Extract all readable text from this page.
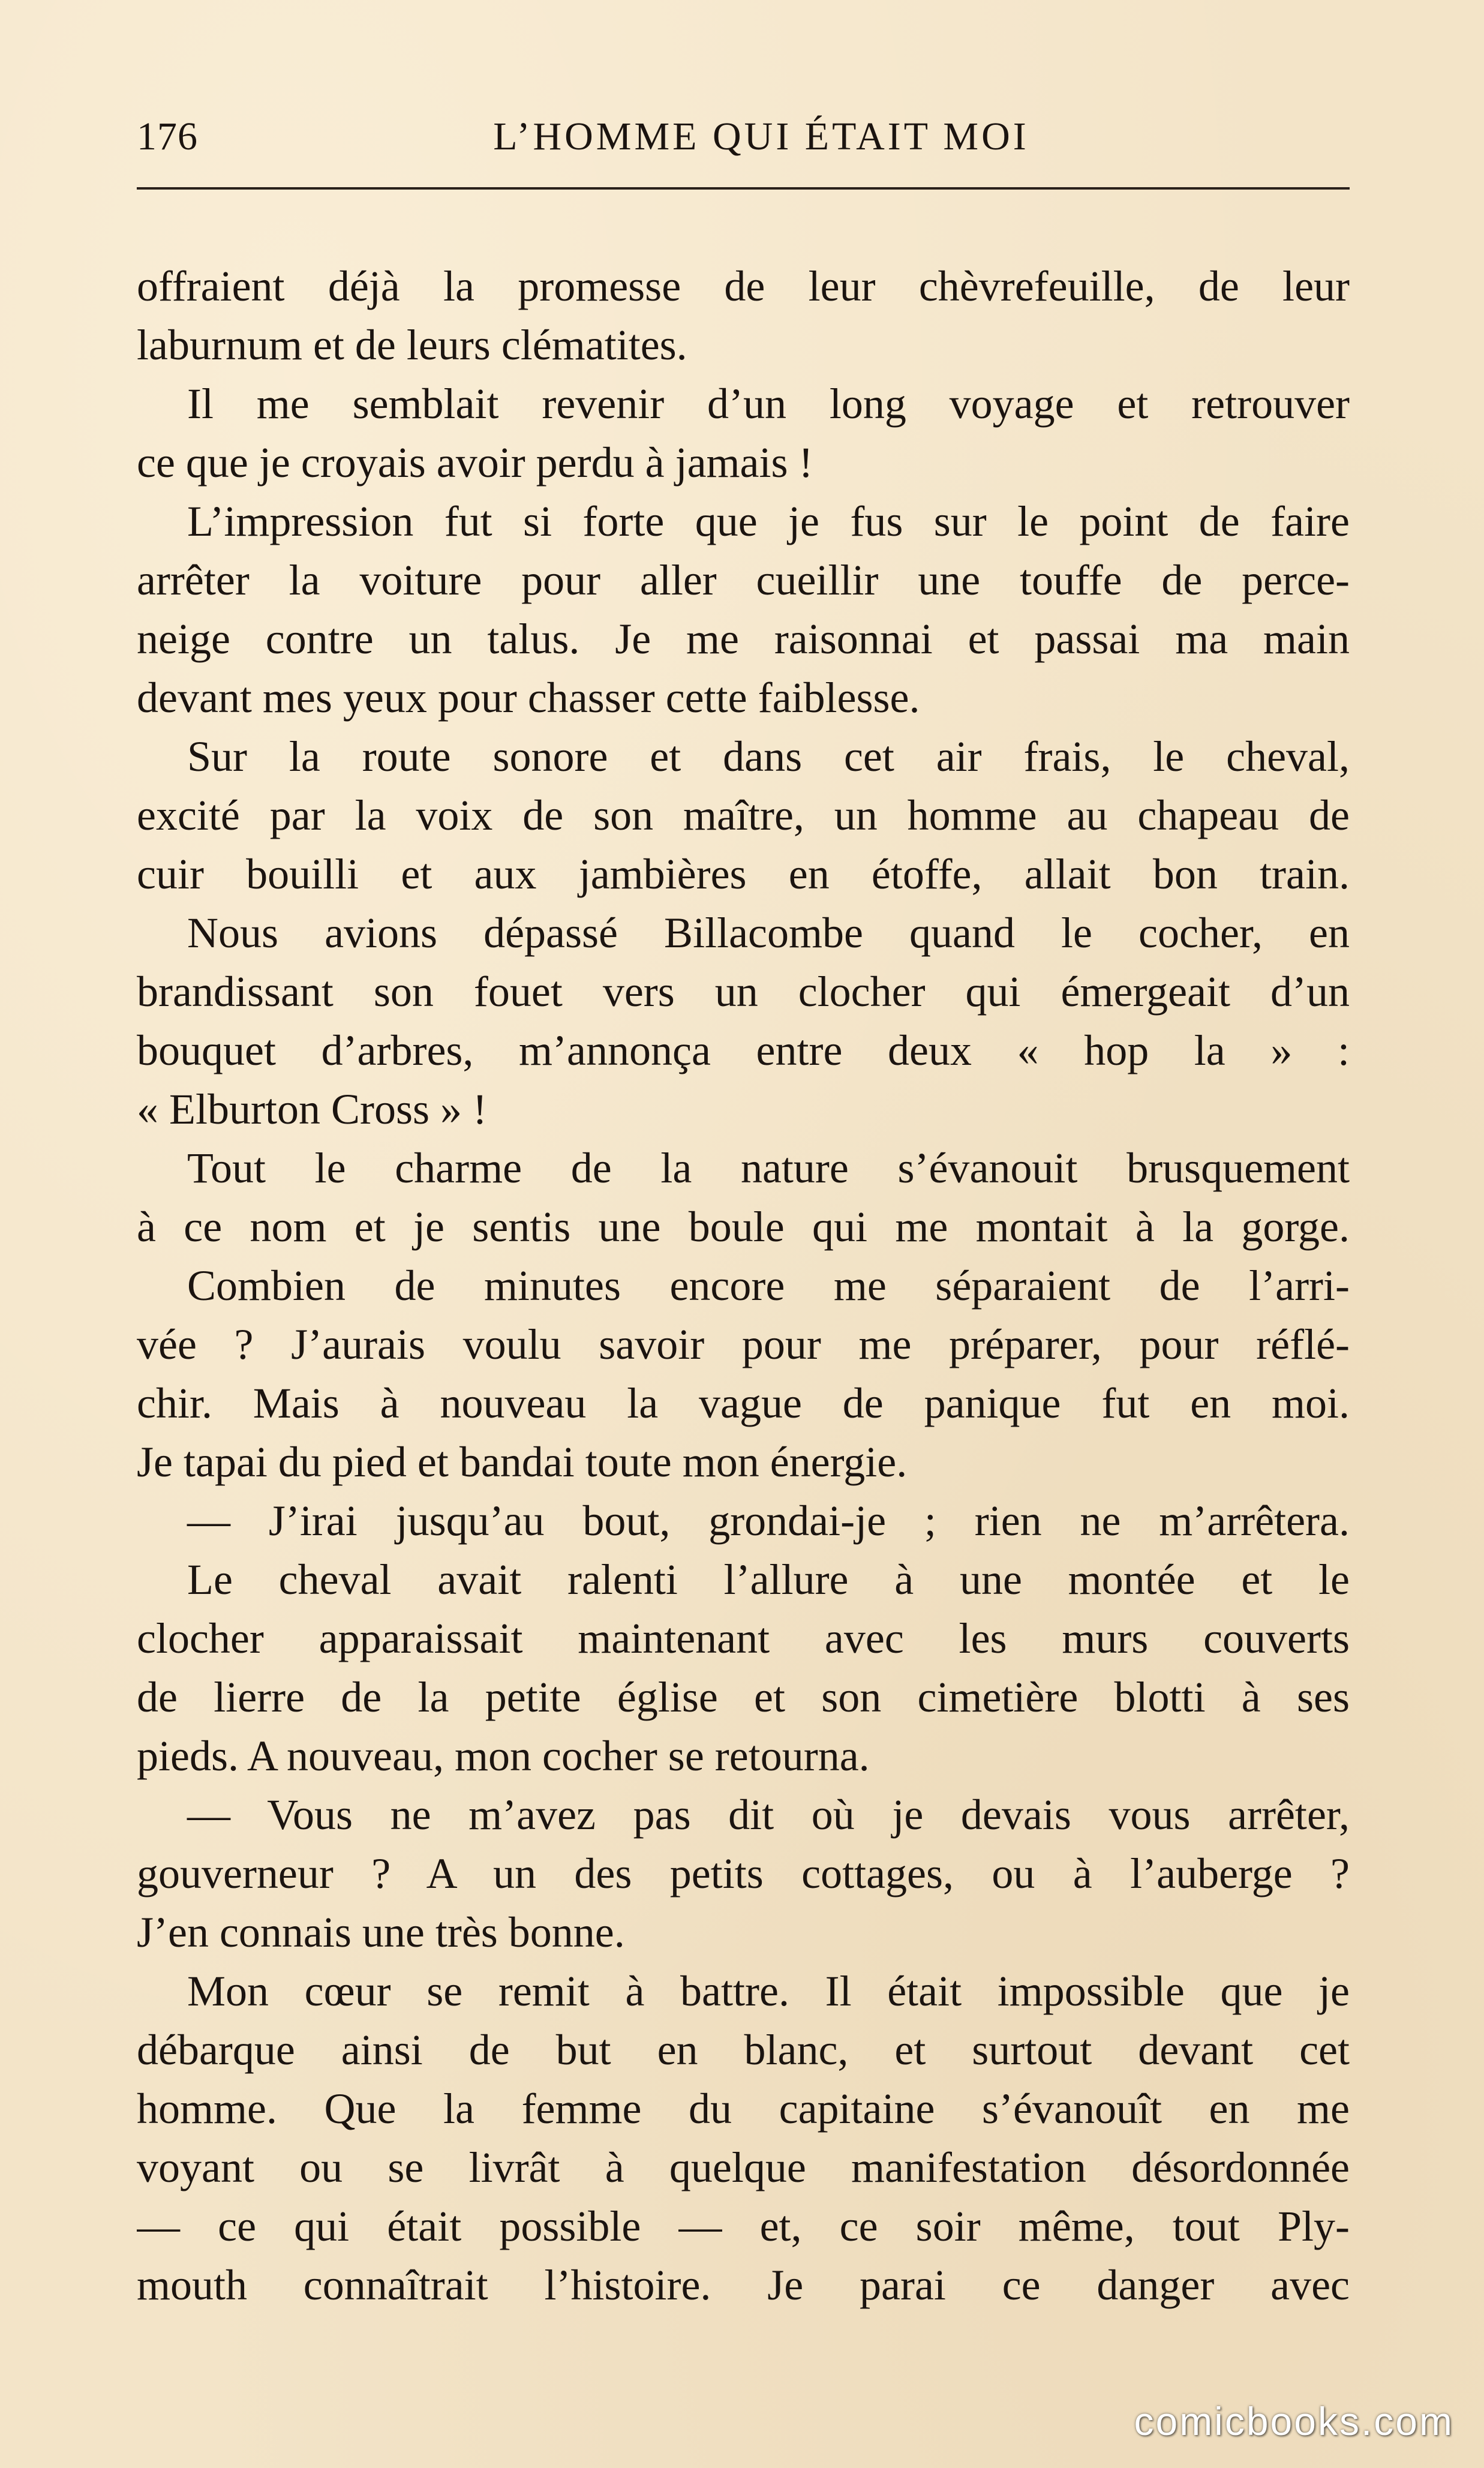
176	L’HOMME QUI ÉTAIT MOI
offraient déjà la promesse de leur chèvrefeuille, de leur
laburnum et de leurs clématites.
Il me semblait revenir d’un long voyage et retrouver
ce que je croyais avoir perdu à jamais !
L’impression fut si forte que je fus sur le point de faire
arrêter la voiture pour aller cueillir une touffe de perce-
neige contre un talus. Je me raisonnai et passai ma main
devant mes yeux pour chasser cette faiblesse.
Sur la route sonore et dans cet air frais, le cheval,
excité par la voix de son maître, un homme au chapeau de
cuir bouilli et aux jambières en étoffe, allait bon train.
Nous avions dépassé Billacombe quand le cocher, en
brandissant son fouet vers un clocher qui émergeait d’un
bouquet d’arbres, m’annonça entre deux « hop la » :
« Elburton Cross » !
Tout le charme de la nature s’évanouit brusquement
à ce nom et je sentis une boule qui me montait à la gorge.
Combien de minutes encore me séparaient de l’arri-
vée ? J’aurais voulu savoir pour me préparer, pour réflé-
chir. Mais à nouveau la vague de panique fut en moi.
Je tapai du pied et bandai toute mon énergie.
— J’irai jusqu’au bout, grondai-je ; rien ne m’arrêtera.
Le cheval avait ralenti l’allure à une montée et le
clocher apparaissait maintenant avec les murs couverts
de lierre de la petite église et son cimetière blotti à ses
pieds. A nouveau, mon cocher se retourna.
— Vous ne m’avez pas dit où je devais vous arrêter,
gouverneur ? A un des petits cottages, ou à l’auberge ?
J’en connais une très bonne.
Mon cœur se remit à battre. Il était impossible que je
débarque ainsi de but en blanc, et surtout devant cet
homme. Que la femme du capitaine s’évanouît en me
voyant ou se livrât à quelque manifestation désordonnée
— ce qui était possible — et, ce soir même, tout Ply-
mouth connaîtrait l’histoire. Je parai ce danger avec
comicbooks.com
